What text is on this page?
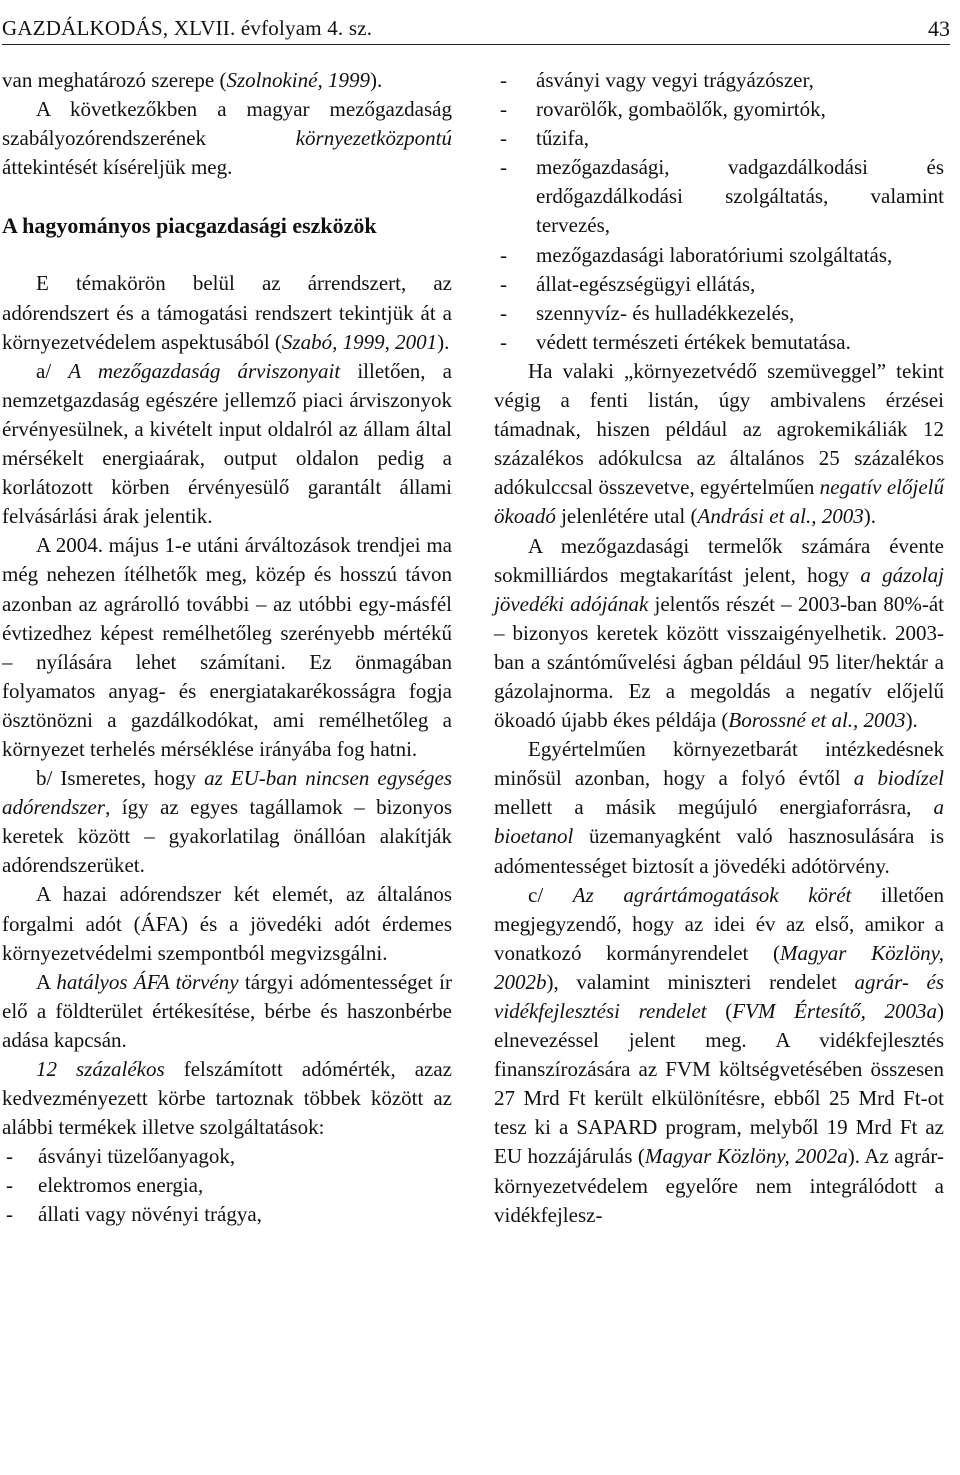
GAZDÁLKODÁS, XLVII. évfolyam 4. sz.	43

van meghatározó szerepe (Szolnokiné, 1999).

A következőkben a magyar mezőgazdaság szabályozórendszerének környezetközpontú áttekintését kíséreljük meg.

A hagyományos piacgazdasági eszközök

E témakörön belül az árrendszert, az adórendszert és a támogatási rendszert tekintjük át a környezetvédelem aspektusából (Szabó, 1999, 2001).

a/ A mezőgazdaság árviszonyait illetően, a nemzetgazdaság egészére jellemző piaci árviszonyok érvényesülnek, a kivételt input oldalról az állam által mérsékelt energiaárak, output oldalon pedig a korlátozott körben érvényesülő garantált állami felvásárlási árak jelentik.

A 2004. május 1-e utáni árváltozások trendjei ma még nehezen ítélhetők meg, közép és hosszú távon azonban az agrárolló további – az utóbbi egy-másfél évtizedhez képest remélhetőleg szerényebb mértékű – nyílására lehet számítani. Ez önmagában folyamatos anyag- és energiatakarékosságra fogja ösztönözni a gazdálkodókat, ami remélhetőleg a környezet terhelés mérséklése irányába fog hatni.

b/ Ismeretes, hogy az EU-ban nincsen egységes adórendszer, így az egyes tagállamok – bizonyos keretek között – gyakorlatilag önállóan alakítják adórendszerüket.

A hazai adórendszer két elemét, az általános forgalmi adót (ÁFA) és a jövedéki adót érdemes környezetvédelmi szempontból megvizsgálni.

A hatályos ÁFA törvény tárgyi adómentességet ír elő a földterület értékesítése, bérbe és haszonbérbe adása kapcsán.

12 százalékos felszámított adómérték, azaz kedvezményezett körbe tartoznak többek között az alábbi termékek illetve szolgáltatások:

- ásványi tüzelőanyagok,
- elektromos energia,
- állati vagy növényi trágya,
- ásványi vagy vegyi trágyázószer,
- rovarölők, gombaölők, gyomirtók,
- tűzifa,
- mezőgazdasági, vadgazdálkodási és erdőgazdálkodási szolgáltatás, valamint tervezés,
- mezőgazdasági laboratóriumi szolgáltatás,
- állat-egészségügyi ellátás,
- szennyvíz- és hulladékkezelés,
- védett természeti értékek bemutatása.

Ha valaki „környezetvédő szemüveggel” tekint végig a fenti listán, úgy ambivalens érzései támadnak, hiszen például az agrokemikáliák 12 százalékos adókulcsa az általános 25 százalékos adókulccsal összevetve, egyértelműen negatív előjelű ökoadó jelenlétére utal (Andrási et al., 2003).

A mezőgazdasági termelők számára évente sokmilliárdos megtakarítást jelent, hogy a gázolaj jövedéki adójának jelentős részét – 2003-ban 80%-át – bizonyos keretek között visszaigényelhetik. 2003-ban a szántóművelési ágban például 95 liter/hektár a gázolajnorma. Ez a megoldás a negatív előjelű ökoadó újabb ékes példája (Borossné et al., 2003).

Egyértelműen környezetbarát intézkedésnek minősül azonban, hogy a folyó évtől a biodízel mellett a másik megújuló energiaforrásra, a bioetanol üzemanyagként való hasznosulására is adómentességet biztosít a jövedéki adótörvény.

c/ Az agrártámogatások körét illetően megjegyzendő, hogy az idei év az első, amikor a vonatkozó kormányrendelet (Magyar Közlöny, 2002b), valamint miniszteri rendelet agrár- és vidékfejlesztési rendelet (FVM Értesítő, 2003a) elnevezéssel jelent meg. A vidékfejlesztés finanszírozására az FVM költségvetésében összesen 27 Mrd Ft került elkülönítésre, ebből 25 Mrd Ft-ot tesz ki a SAPARD program, melyből 19 Mrd Ft az EU hozzájárulás (Magyar Közlöny, 2002a). Az agrár-környezetvédelem egyelőre nem integrálódott a vidékfejlesz-
